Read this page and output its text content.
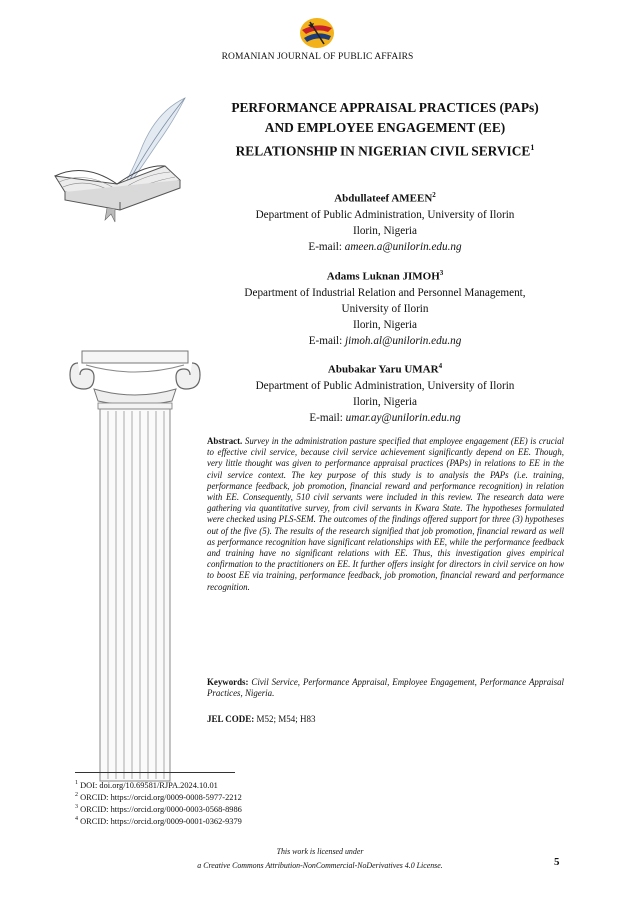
ROMANIAN JOURNAL OF PUBLIC AFFAIRS
PERFORMANCE APPRAISAL PRACTICES (PAPs)
AND EMPLOYEE ENGAGEMENT (EE)
RELATIONSHIP IN NIGERIAN CIVIL SERVICE$^1$
Abdullateef AMEEN$^2$
Department of Public Administration, University of Ilorin
Ilorin, Nigeria
E-mail: ameen.a@unilorin.edu.ng
Adams Luknan JIMOH$^3$
Department of Industrial Relation and Personnel Management,
University of Ilorin
Ilorin, Nigeria
E-mail: jimoh.al@unilorin.edu.ng
Abubakar Yaru UMAR$^4$
Department of Public Administration, University of Ilorin
Ilorin, Nigeria
E-mail: umar.ay@unilorin.edu.ng
Abstract. Survey in the administration pasture specified that employee engagement (EE) is crucial to effective civil service, because civil service achievement significantly depend on EE. Though, very little thought was given to performance appraisal practices (PAPs) in relations to EE in the civil service context. The key purpose of this study is to analysis the PAPs (i.e. training, performance feedback, job promotion, financial reward and performance recognition) in relation with EE. Consequently, 510 civil servants were included in this review. The research data were gathering via quantitative survey, from civil servants in Kwara State. The hypotheses formulated were checked using PLS-SEM. The outcomes of the findings offered support for three (3) hypotheses out of the five (5). The results of the research signified that job promotion, financial reward as well as performance recognition have significant relationships with EE, while the performance feedback and training have no significant relations with EE. Thus, this investigation gives empirical confirmation to the practitioners on EE. It further offers insight for directors in civil service on how to boost EE via training, performance feedback, job promotion, financial reward and performance recognition.
Keywords: Civil Service, Performance Appraisal, Employee Engagement, Performance Appraisal Practices, Nigeria.
JEL CODE: M52; M54; H83
$^1$ DOI: doi.org/10.69581/RJPA.2024.10.01
$^2$ ORCID: https://orcid.org/0009-0008-5977-2212
$^3$ ORCID: https://orcid.org/0000-0003-0568-8986
$^4$ ORCID: https://orcid.org/0009-0001-0362-9379
This work is licensed under
a Creative Commons Attribution-NonCommercial-NoDerivatives 4.0 License.	5
